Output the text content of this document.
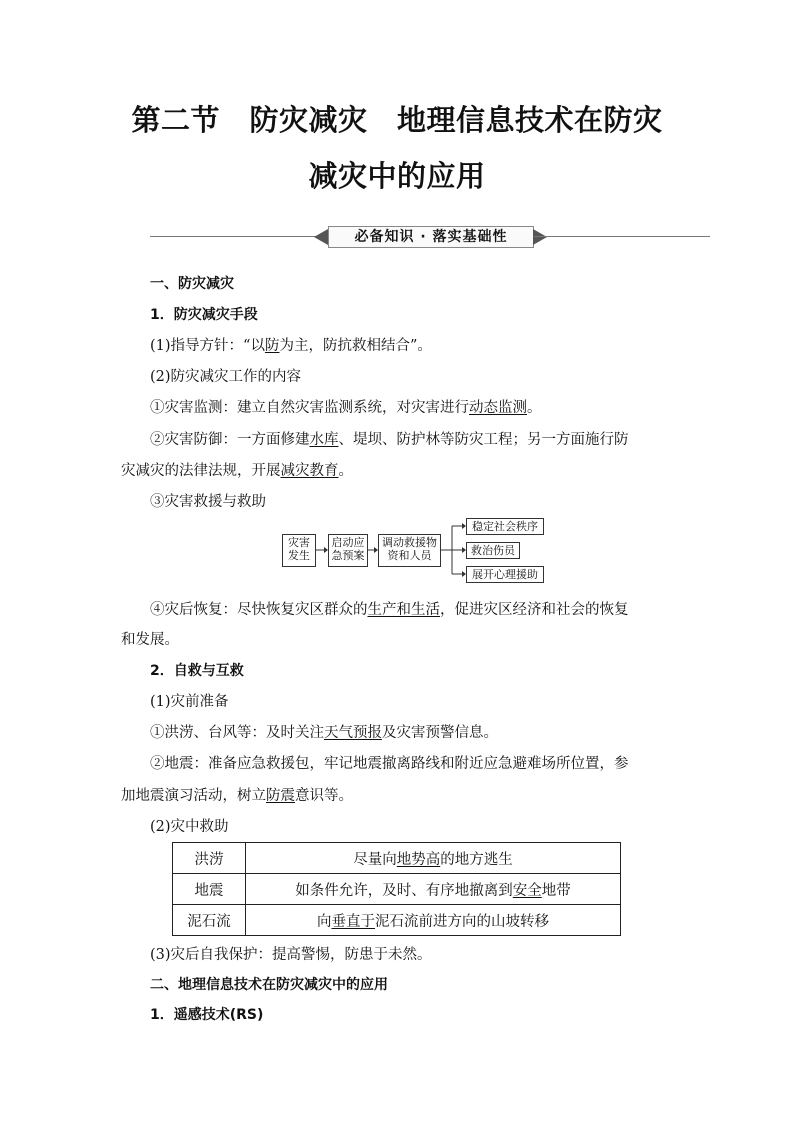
第二节　防灾减灾　地理信息技术在防灾
减灾中的应用
必备知识 · 落实基础性
一、防灾减灾
1．防灾减灾手段
(1)指导方针：“以防为主，防抗救相结合”。
(2)防灾减灾工作的内容
①灾害监测：建立自然灾害监测系统，对灾害进行动态监测。
②灾害防御：一方面修建水库、堤坝、防护林等防灾工程；另一方面施行防
灾减灾的法律法规，开展减灾教育。
③灾害救援与救助
灾害发生
启动应急预案
调动救援物资和人员
稳定社会秩序
救治伤员
展开心理援助
④灾后恢复：尽快恢复灾区群众的生产和生活，促进灾区经济和社会的恢复
和发展。
2．自救与互救
(1)灾前准备
①洪涝、台风等：及时关注天气预报及灾害预警信息。
②地震：准备应急救援包，牢记地震撤离路线和附近应急避难场所位置，参
加地震演习活动，树立防震意识等。
(2)灾中救助
洪涝	尽量向地势高的地方逃生
地震	如条件允许，及时、有序地撤离到安全地带
泥石流	向垂直于泥石流前进方向的山坡转移
(3)灾后自我保护：提高警惕，防患于未然。
二、地理信息技术在防灾减灾中的应用
1．遥感技术(RS)
